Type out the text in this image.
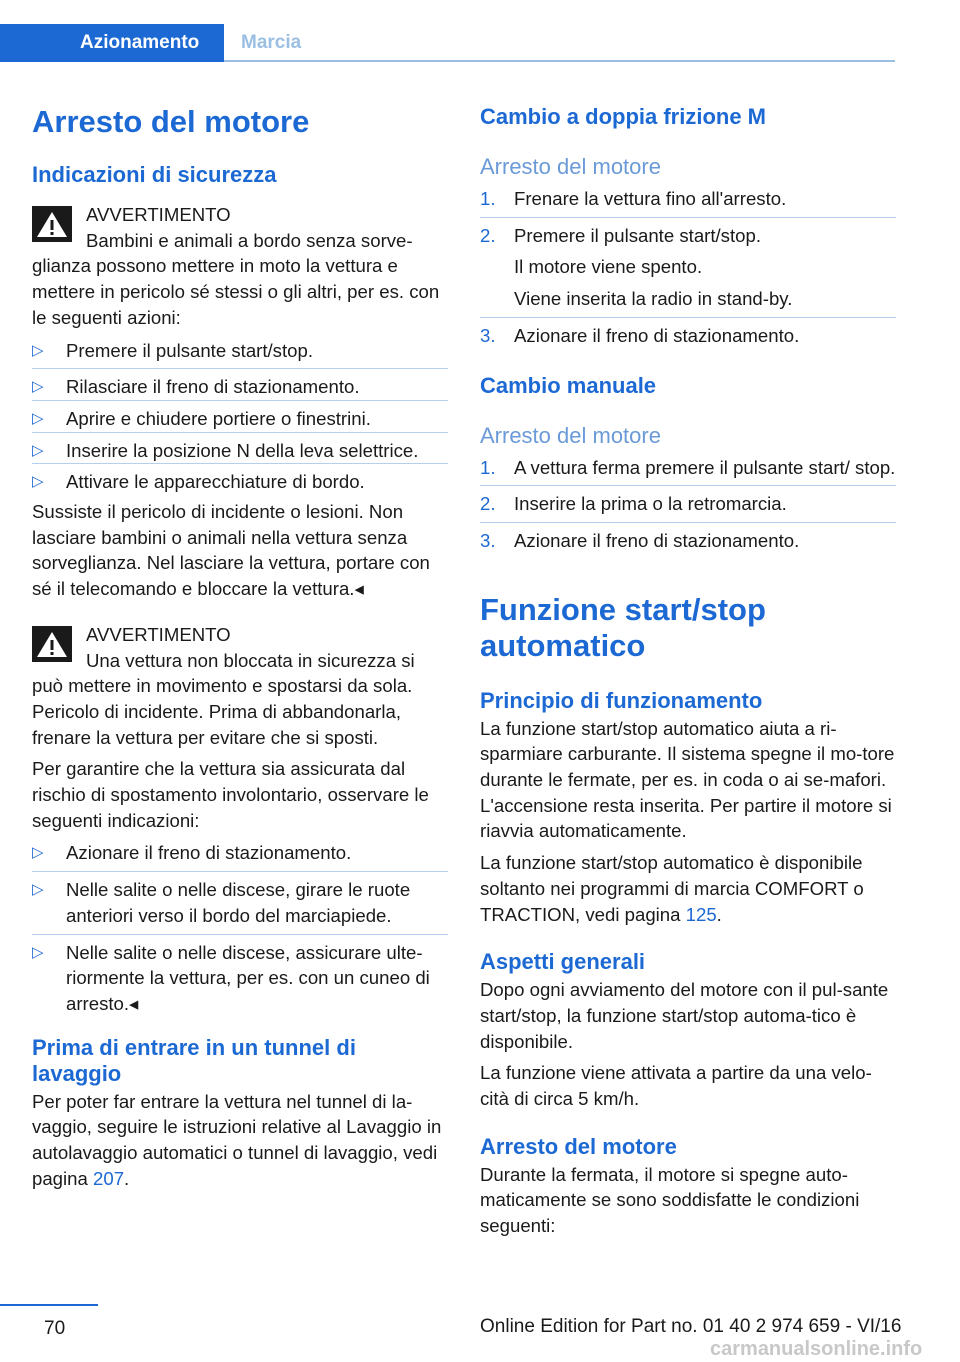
Azionamento	Marcia
Arresto del motore
Indicazioni di sicurezza
AVVERTIMENTO
Bambini e animali a bordo senza sorve-

glianza possono mettere in moto la vettura e mettere in pericolo sé stessi o gli altri, per es. con le seguenti azioni:

▷ Premere il pulsante start/stop.
▷ Rilasciare il freno di stazionamento.
▷ Aprire e chiudere portiere o finestrini.
▷ Inserire la posizione N della leva selettrice.
▷ Attivare le apparecchiature di bordo.

Sussiste il pericolo di incidente o lesioni. Non lasciare bambini o animali nella vettura senza sorveglianza. Nel lasciare la vettura, portare con sé il telecomando e bloccare la vettura.◂

AVVERTIMENTO
Una vettura non bloccata in sicurezza si

può mettere in movimento e spostarsi da sola. Pericolo di incidente. Prima di abbandonarla, frenare la vettura per evitare che si sposti.

Per garantire che la vettura sia assicurata dal rischio di spostamento involontario, osservare le seguenti indicazioni:

▷ Azionare il freno di stazionamento.
▷ Nelle salite o nelle discese, girare le ruote anteriori verso il bordo del marciapiede.
▷ Nelle salite o nelle discese, assicurare ulte-riormente la vettura, per es. con un cuneo di arresto.◂
Prima di entrare in un tunnel di lavaggio

Per poter far entrare la vettura nel tunnel di la-vaggio, seguire le istruzioni relative al Lavaggio in autolavaggio automatici o tunnel di lavaggio, vedi pagina 207.

Cambio a doppia frizione M
Arresto del motore
1. Frenare la vettura fino all'arresto.
2. Premere il pulsante start/stop.
Il motore viene spento.
Viene inserita la radio in stand-by.
3. Azionare il freno di stazionamento.
Cambio manuale
Arresto del motore
1. A vettura ferma premere il pulsante start/ stop.
2. Inserire la prima o la retromarcia.
3. Azionare il freno di stazionamento.
Funzione start/stop automatico
Principio di funzionamento

La funzione start/stop automatico aiuta a ri-sparmiare carburante. Il sistema spegne il mo-tore durante le fermate, per es. in coda o ai se-mafori. L'accensione resta inserita. Per partire il motore si riavvia automaticamente.

La funzione start/stop automatico è disponibile soltanto nei programmi di marcia COMFORT o TRACTION, vedi pagina 125.

Aspetti generali

Dopo ogni avviamento del motore con il pul-sante start/stop, la funzione start/stop automa-tico è disponibile.

La funzione viene attivata a partire da una velo-cità di circa 5 km/h.

Arresto del motore

Durante la fermata, il motore si spegne auto-maticamente se sono soddisfatte le condizioni seguenti:

70	Online Edition for Part no. 01 40 2 974 659 - VI/16
carmanualsonline.info
